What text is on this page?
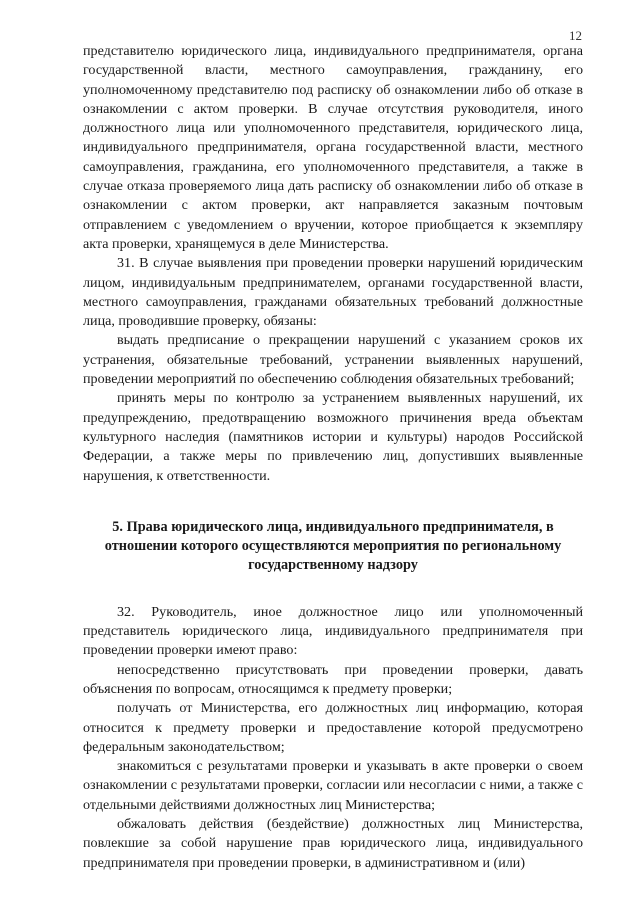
12

представителю юридического лица, индивидуального предпринимателя, органа государственной власти, местного самоуправления, гражданину, его уполномоченному представителю под расписку об ознакомлении либо об отказе в ознакомлении с актом проверки. В случае отсутствия руководителя, иного должностного лица или уполномоченного представителя, юридического лица, индивидуального предпринимателя, органа государственной власти, местного самоуправления, гражданина, его уполномоченного представителя, а также в случае отказа проверяемого лица дать расписку об ознакомлении либо об отказе в ознакомлении с актом проверки, акт направляется заказным почтовым отправлением с уведомлением о вручении, которое приобщается к экземпляру акта проверки, хранящемуся в деле Министерства.

31. В случае выявления при проведении проверки нарушений юридическим лицом, индивидуальным предпринимателем, органами государственной власти, местного самоуправления, гражданами обязательных требований должностные лица, проводившие проверку, обязаны:

выдать предписание о прекращении нарушений с указанием сроков их устранения, обязательные требований, устранении выявленных нарушений, проведении мероприятий по обеспечению соблюдения обязательных требований;

принять меры по контролю за устранением выявленных нарушений, их предупреждению, предотвращению возможного причинения вреда объектам культурного наследия (памятников истории и культуры) народов Российской Федерации, а также меры по привлечению лиц, допустивших выявленные нарушения, к ответственности.

5. Права юридического лица, индивидуального предпринимателя, в
отношении которого осуществляются мероприятия по региональному
государственному надзору

32. Руководитель, иное должностное лицо или уполномоченный представитель юридического лица, индивидуального предпринимателя при проведении проверки имеют право:

непосредственно присутствовать при проведении проверки, давать объяснения по вопросам, относящимся к предмету проверки;

получать от Министерства, его должностных лиц информацию, которая относится к предмету проверки и предоставление которой предусмотрено федеральным законодательством;

знакомиться с результатами проверки и указывать в акте проверки о своем ознакомлении с результатами проверки, согласии или несогласии с ними, а также с отдельными действиями должностных лиц Министерства;

обжаловать действия (бездействие) должностных лиц Министерства, повлекшие за собой нарушение прав юридического лица, индивидуального предпринимателя при проведении проверки, в административном и (или)
